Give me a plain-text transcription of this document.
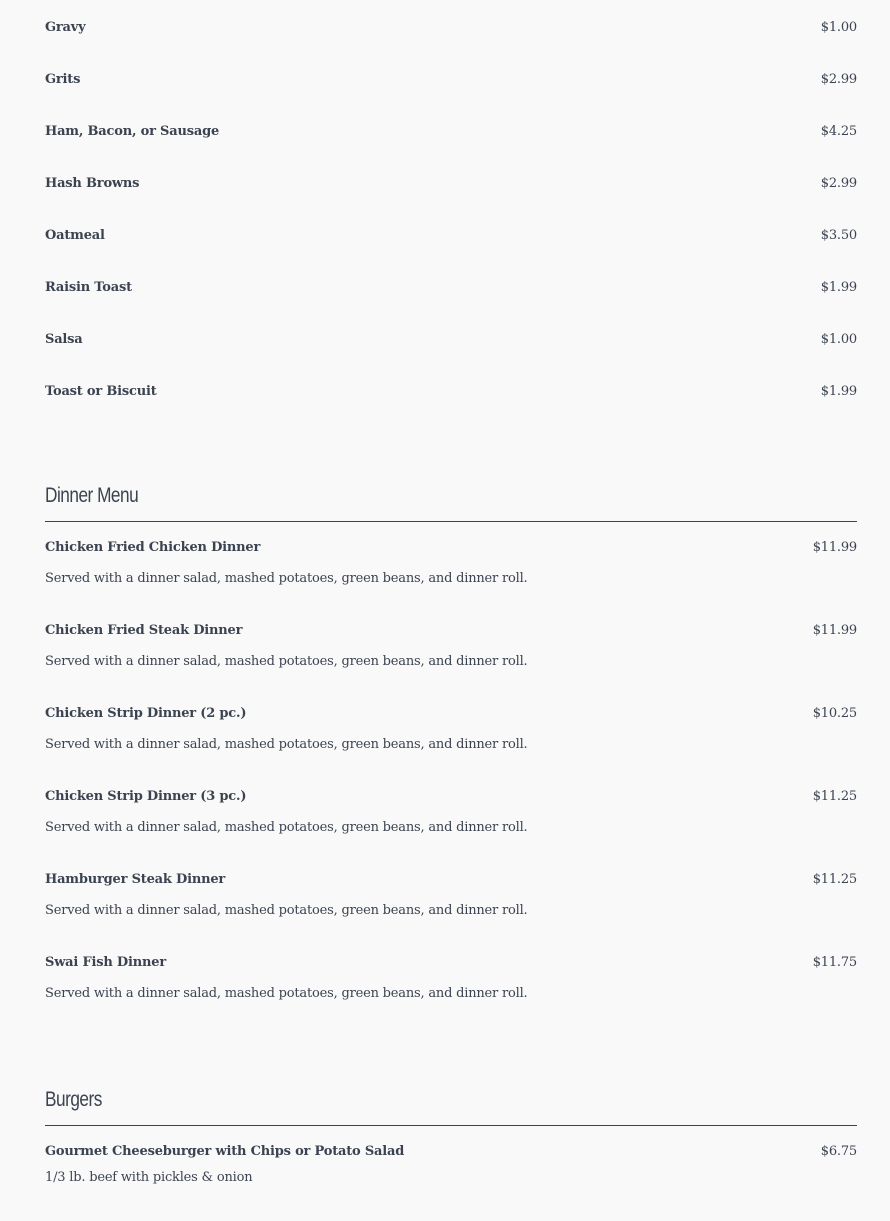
Gravy	$1.00
Grits	$2.99
Ham, Bacon, or Sausage	$4.25
Hash Browns	$2.99
Oatmeal	$3.50
Raisin Toast	$1.99
Salsa	$1.00
Toast or Biscuit	$1.99
Dinner Menu
Chicken Fried Chicken Dinner	$11.99
Served with a dinner salad, mashed potatoes, green beans, and dinner roll.
Chicken Fried Steak Dinner	$11.99
Served with a dinner salad, mashed potatoes, green beans, and dinner roll.
Chicken Strip Dinner (2 pc.)	$10.25
Served with a dinner salad, mashed potatoes, green beans, and dinner roll.
Chicken Strip Dinner (3 pc.)	$11.25
Served with a dinner salad, mashed potatoes, green beans, and dinner roll.
Hamburger Steak Dinner	$11.25
Served with a dinner salad, mashed potatoes, green beans, and dinner roll.
Swai Fish Dinner	$11.75
Served with a dinner salad, mashed potatoes, green beans, and dinner roll.
Burgers
Gourmet Cheeseburger with Chips or Potato Salad	$6.75
1/3 lb. beef with pickles & onion
